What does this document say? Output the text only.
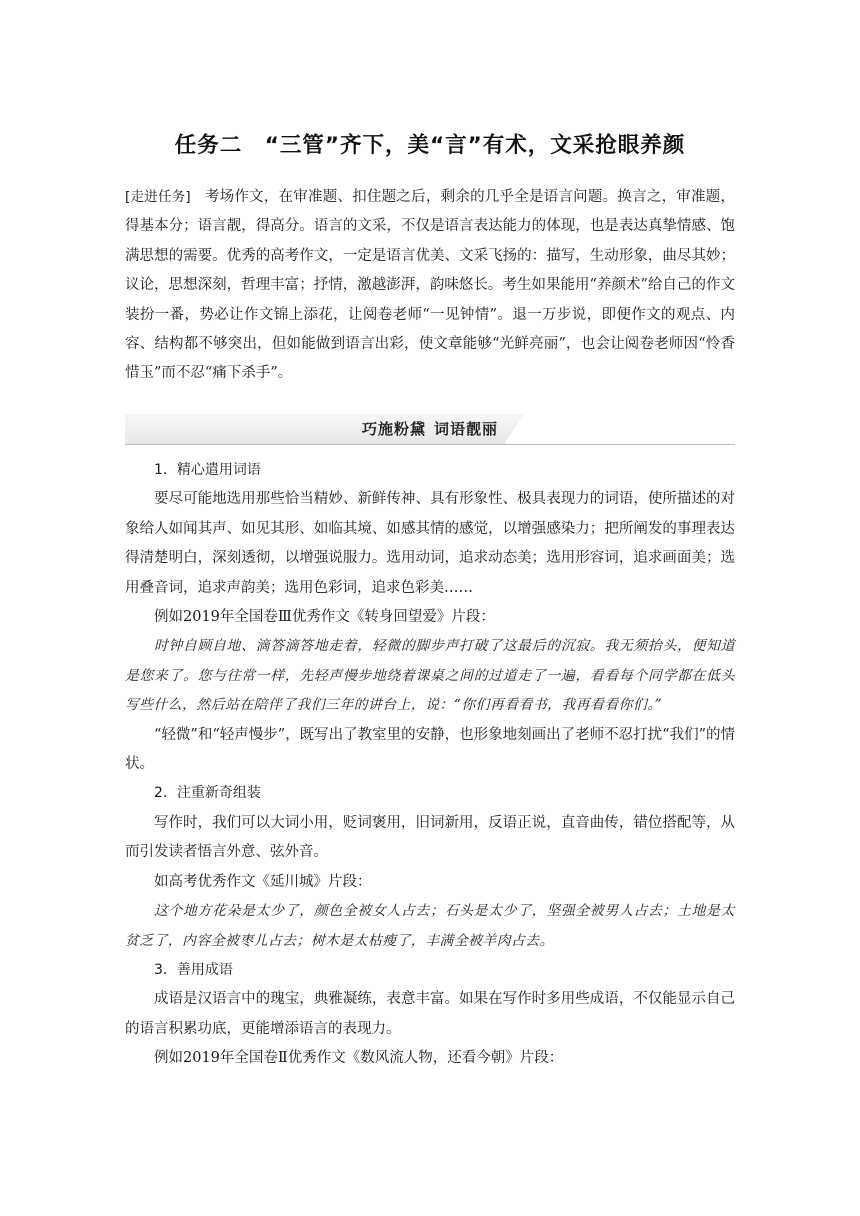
任务二　“三管”齐下，美“言”有术，文采抢眼养颜

[走进任务] 考场作文，在审准题、扣住题之后，剩余的几乎全是语言问题。换言之，审准题，得基本分；语言靓，得高分。语言的文采，不仅是语言表达能力的体现，也是表达真挚情感、饱满思想的需要。优秀的高考作文，一定是语言优美、文采飞扬的：描写，生动形象，曲尽其妙；议论，思想深刻，哲理丰富；抒情，激越澎湃，韵味悠长。考生如果能用“养颜术”给自己的作文装扮一番，势必让作文锦上添花，让阅卷老师“一见钟情”。退一万步说，即便作文的观点、内容、结构都不够突出，但如能做到语言出彩，使文章能够“光鲜亮丽”，也会让阅卷老师因“怜香惜玉”而不忍“痛下杀手”。

巧施粉黛 词语靓丽

1．精心遣用词语

要尽可能地选用那些恰当精妙、新鲜传神、具有形象性、极具表现力的词语，使所描述的对象给人如闻其声、如见其形、如临其境、如感其情的感觉，以增强感染力；把所阐发的事理表达得清楚明白，深刻透彻，以增强说服力。选用动词，追求动态美；选用形容词，追求画面美；选用叠音词，追求声韵美；选用色彩词，追求色彩美……

例如2019年全国卷Ⅲ优秀作文《转身回望爱》片段：

时钟自顾自地、滴答滴答地走着，轻微的脚步声打破了这最后的沉寂。我无须抬头，便知道是您来了。您与往常一样，先轻声慢步地绕着课桌之间的过道走了一遍，看看每个同学都在低头写些什么，然后站在陪伴了我们三年的讲台上，说：“你们再看看书，我再看看你们。”

“轻微”和“轻声慢步”，既写出了教室里的安静，也形象地刻画出了老师不忍打扰“我们”的情状。

2．注重新奇组装

写作时，我们可以大词小用，贬词褒用，旧词新用，反语正说，直音曲传，错位搭配等，从而引发读者悟言外意、弦外音。

如高考优秀作文《延川城》片段：

这个地方花朵是太少了，颜色全被女人占去；石头是太少了，坚强全被男人占去；土地是太贫乏了，内容全被枣儿占去；树木是太枯瘦了，丰满全被羊肉占去。

3．善用成语

成语是汉语言中的瑰宝，典雅凝练，表意丰富。如果在写作时多用些成语，不仅能显示自己的语言积累功底，更能增添语言的表现力。

例如2019年全国卷Ⅱ优秀作文《数风流人物，还看今朝》片段：
